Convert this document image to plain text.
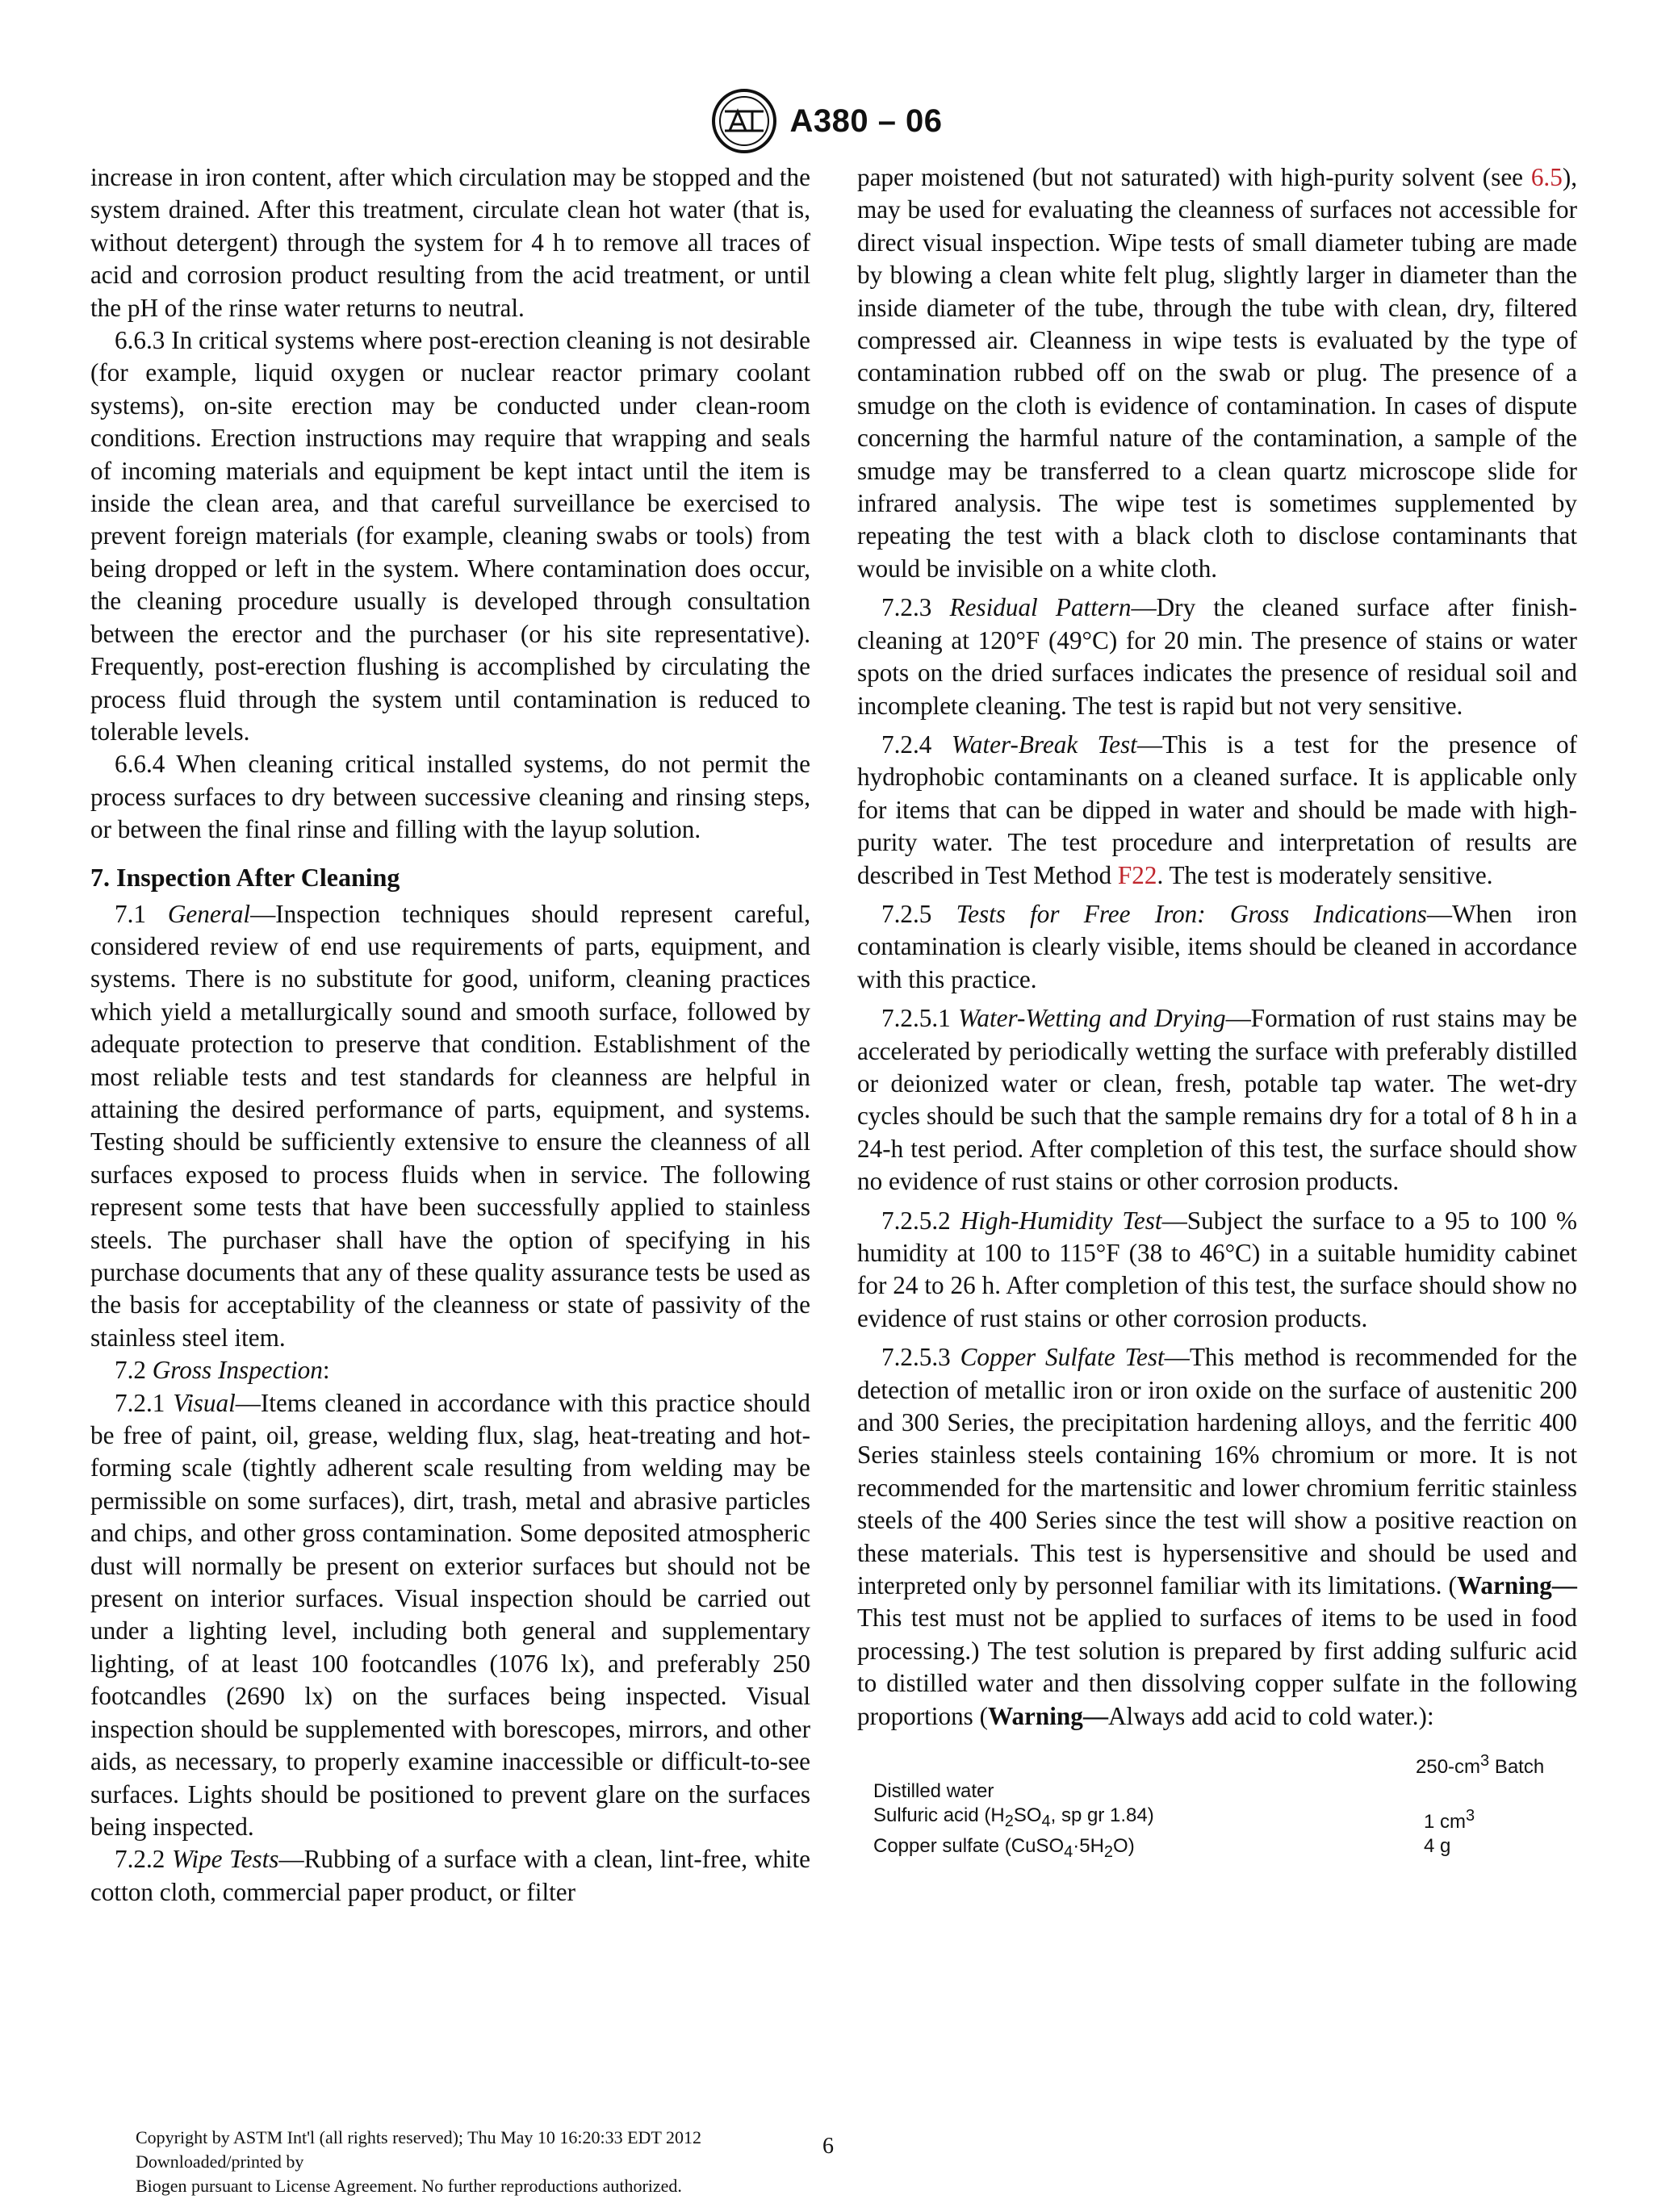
A380 – 06

increase in iron content, after which circulation may be stopped and the system drained. After this treatment, circulate clean hot water (that is, without detergent) through the system for 4 h to remove all traces of acid and corrosion product resulting from the acid treatment, or until the pH of the rinse water returns to neutral.

6.6.3 In critical systems where post-erection cleaning is not desirable (for example, liquid oxygen or nuclear reactor primary coolant systems), on-site erection may be conducted under clean-room conditions. Erection instructions may require that wrapping and seals of incoming materials and equipment be kept intact until the item is inside the clean area, and that careful surveillance be exercised to prevent foreign materials (for example, cleaning swabs or tools) from being dropped or left in the system. Where contamination does occur, the cleaning procedure usually is developed through consultation between the erector and the purchaser (or his site representative). Frequently, post-erection flushing is accomplished by circulating the process fluid through the system until contamination is reduced to tolerable levels.

6.6.4 When cleaning critical installed systems, do not permit the process surfaces to dry between successive cleaning and rinsing steps, or between the final rinse and filling with the layup solution.

7. Inspection After Cleaning

7.1 General—Inspection techniques should represent careful, considered review of end use requirements of parts, equipment, and systems. There is no substitute for good, uniform, cleaning practices which yield a metallurgically sound and smooth surface, followed by adequate protection to preserve that condition. Establishment of the most reliable tests and test standards for cleanness are helpful in attaining the desired performance of parts, equipment, and systems. Testing should be sufficiently extensive to ensure the cleanness of all surfaces exposed to process fluids when in service. The following represent some tests that have been successfully applied to stainless steels. The purchaser shall have the option of specifying in his purchase documents that any of these quality assurance tests be used as the basis for acceptability of the cleanness or state of passivity of the stainless steel item.

7.2 Gross Inspection:

7.2.1 Visual—Items cleaned in accordance with this practice should be free of paint, oil, grease, welding flux, slag, heat-treating and hot-forming scale (tightly adherent scale resulting from welding may be permissible on some surfaces), dirt, trash, metal and abrasive particles and chips, and other gross contamination. Some deposited atmospheric dust will normally be present on exterior surfaces but should not be present on interior surfaces. Visual inspection should be carried out under a lighting level, including both general and supplementary lighting, of at least 100 footcandles (1076 lx), and preferably 250 footcandles (2690 lx) on the surfaces being inspected. Visual inspection should be supplemented with borescopes, mirrors, and other aids, as necessary, to properly examine inaccessible or difficult-to-see surfaces. Lights should be positioned to prevent glare on the surfaces being inspected.

7.2.2 Wipe Tests—Rubbing of a surface with a clean, lint-free, white cotton cloth, commercial paper product, or filter

paper moistened (but not saturated) with high-purity solvent (see 6.5), may be used for evaluating the cleanness of surfaces not accessible for direct visual inspection. Wipe tests of small diameter tubing are made by blowing a clean white felt plug, slightly larger in diameter than the inside diameter of the tube, through the tube with clean, dry, filtered compressed air. Cleanness in wipe tests is evaluated by the type of contamination rubbed off on the swab or plug. The presence of a smudge on the cloth is evidence of contamination. In cases of dispute concerning the harmful nature of the contamination, a sample of the smudge may be transferred to a clean quartz microscope slide for infrared analysis. The wipe test is sometimes supplemented by repeating the test with a black cloth to disclose contaminants that would be invisible on a white cloth.

7.2.3 Residual Pattern—Dry the cleaned surface after finish-cleaning at 120°F (49°C) for 20 min. The presence of stains or water spots on the dried surfaces indicates the presence of residual soil and incomplete cleaning. The test is rapid but not very sensitive.

7.2.4 Water-Break Test—This is a test for the presence of hydrophobic contaminants on a cleaned surface. It is applicable only for items that can be dipped in water and should be made with high-purity water. The test procedure and interpretation of results are described in Test Method F22. The test is moderately sensitive.

7.2.5 Tests for Free Iron: Gross Indications—When iron contamination is clearly visible, items should be cleaned in accordance with this practice.

7.2.5.1 Water-Wetting and Drying—Formation of rust stains may be accelerated by periodically wetting the surface with preferably distilled or deionized water or clean, fresh, potable tap water. The wet-dry cycles should be such that the sample remains dry for a total of 8 h in a 24-h test period. After completion of this test, the surface should show no evidence of rust stains or other corrosion products.

7.2.5.2 High-Humidity Test—Subject the surface to a 95 to 100 % humidity at 100 to 115°F (38 to 46°C) in a suitable humidity cabinet for 24 to 26 h. After completion of this test, the surface should show no evidence of rust stains or other corrosion products.

7.2.5.3 Copper Sulfate Test—This method is recommended for the detection of metallic iron or iron oxide on the surface of austenitic 200 and 300 Series, the precipitation hardening alloys, and the ferritic 400 Series stainless steels containing 16% chromium or more. It is not recommended for the martensitic and lower chromium ferritic stainless steels of the 400 Series since the test will show a positive reaction on these materials. This test is hypersensitive and should be used and interpreted only by personnel familiar with its limitations. (Warning—This test must not be applied to surfaces of items to be used in food processing.) The test solution is prepared by first adding sulfuric acid to distilled water and then dissolving copper sulfate in the following proportions (Warning—Always add acid to cold water.):

	$250-cm^3$ Batch
Distilled water	
Sulfuric acid ($H_2SO_4$, sp gr 1.84)	1 $cm^3$
Copper sulfate $(CuSO_4\cdot 5H_2O)$	4 g
Copyright by ASTM Int'l (all rights reserved); Thu May 10 16:20:33 EDT 2012
Downloaded/printed by
Biogen pursuant to License Agreement. No further reproductions authorized.
6
